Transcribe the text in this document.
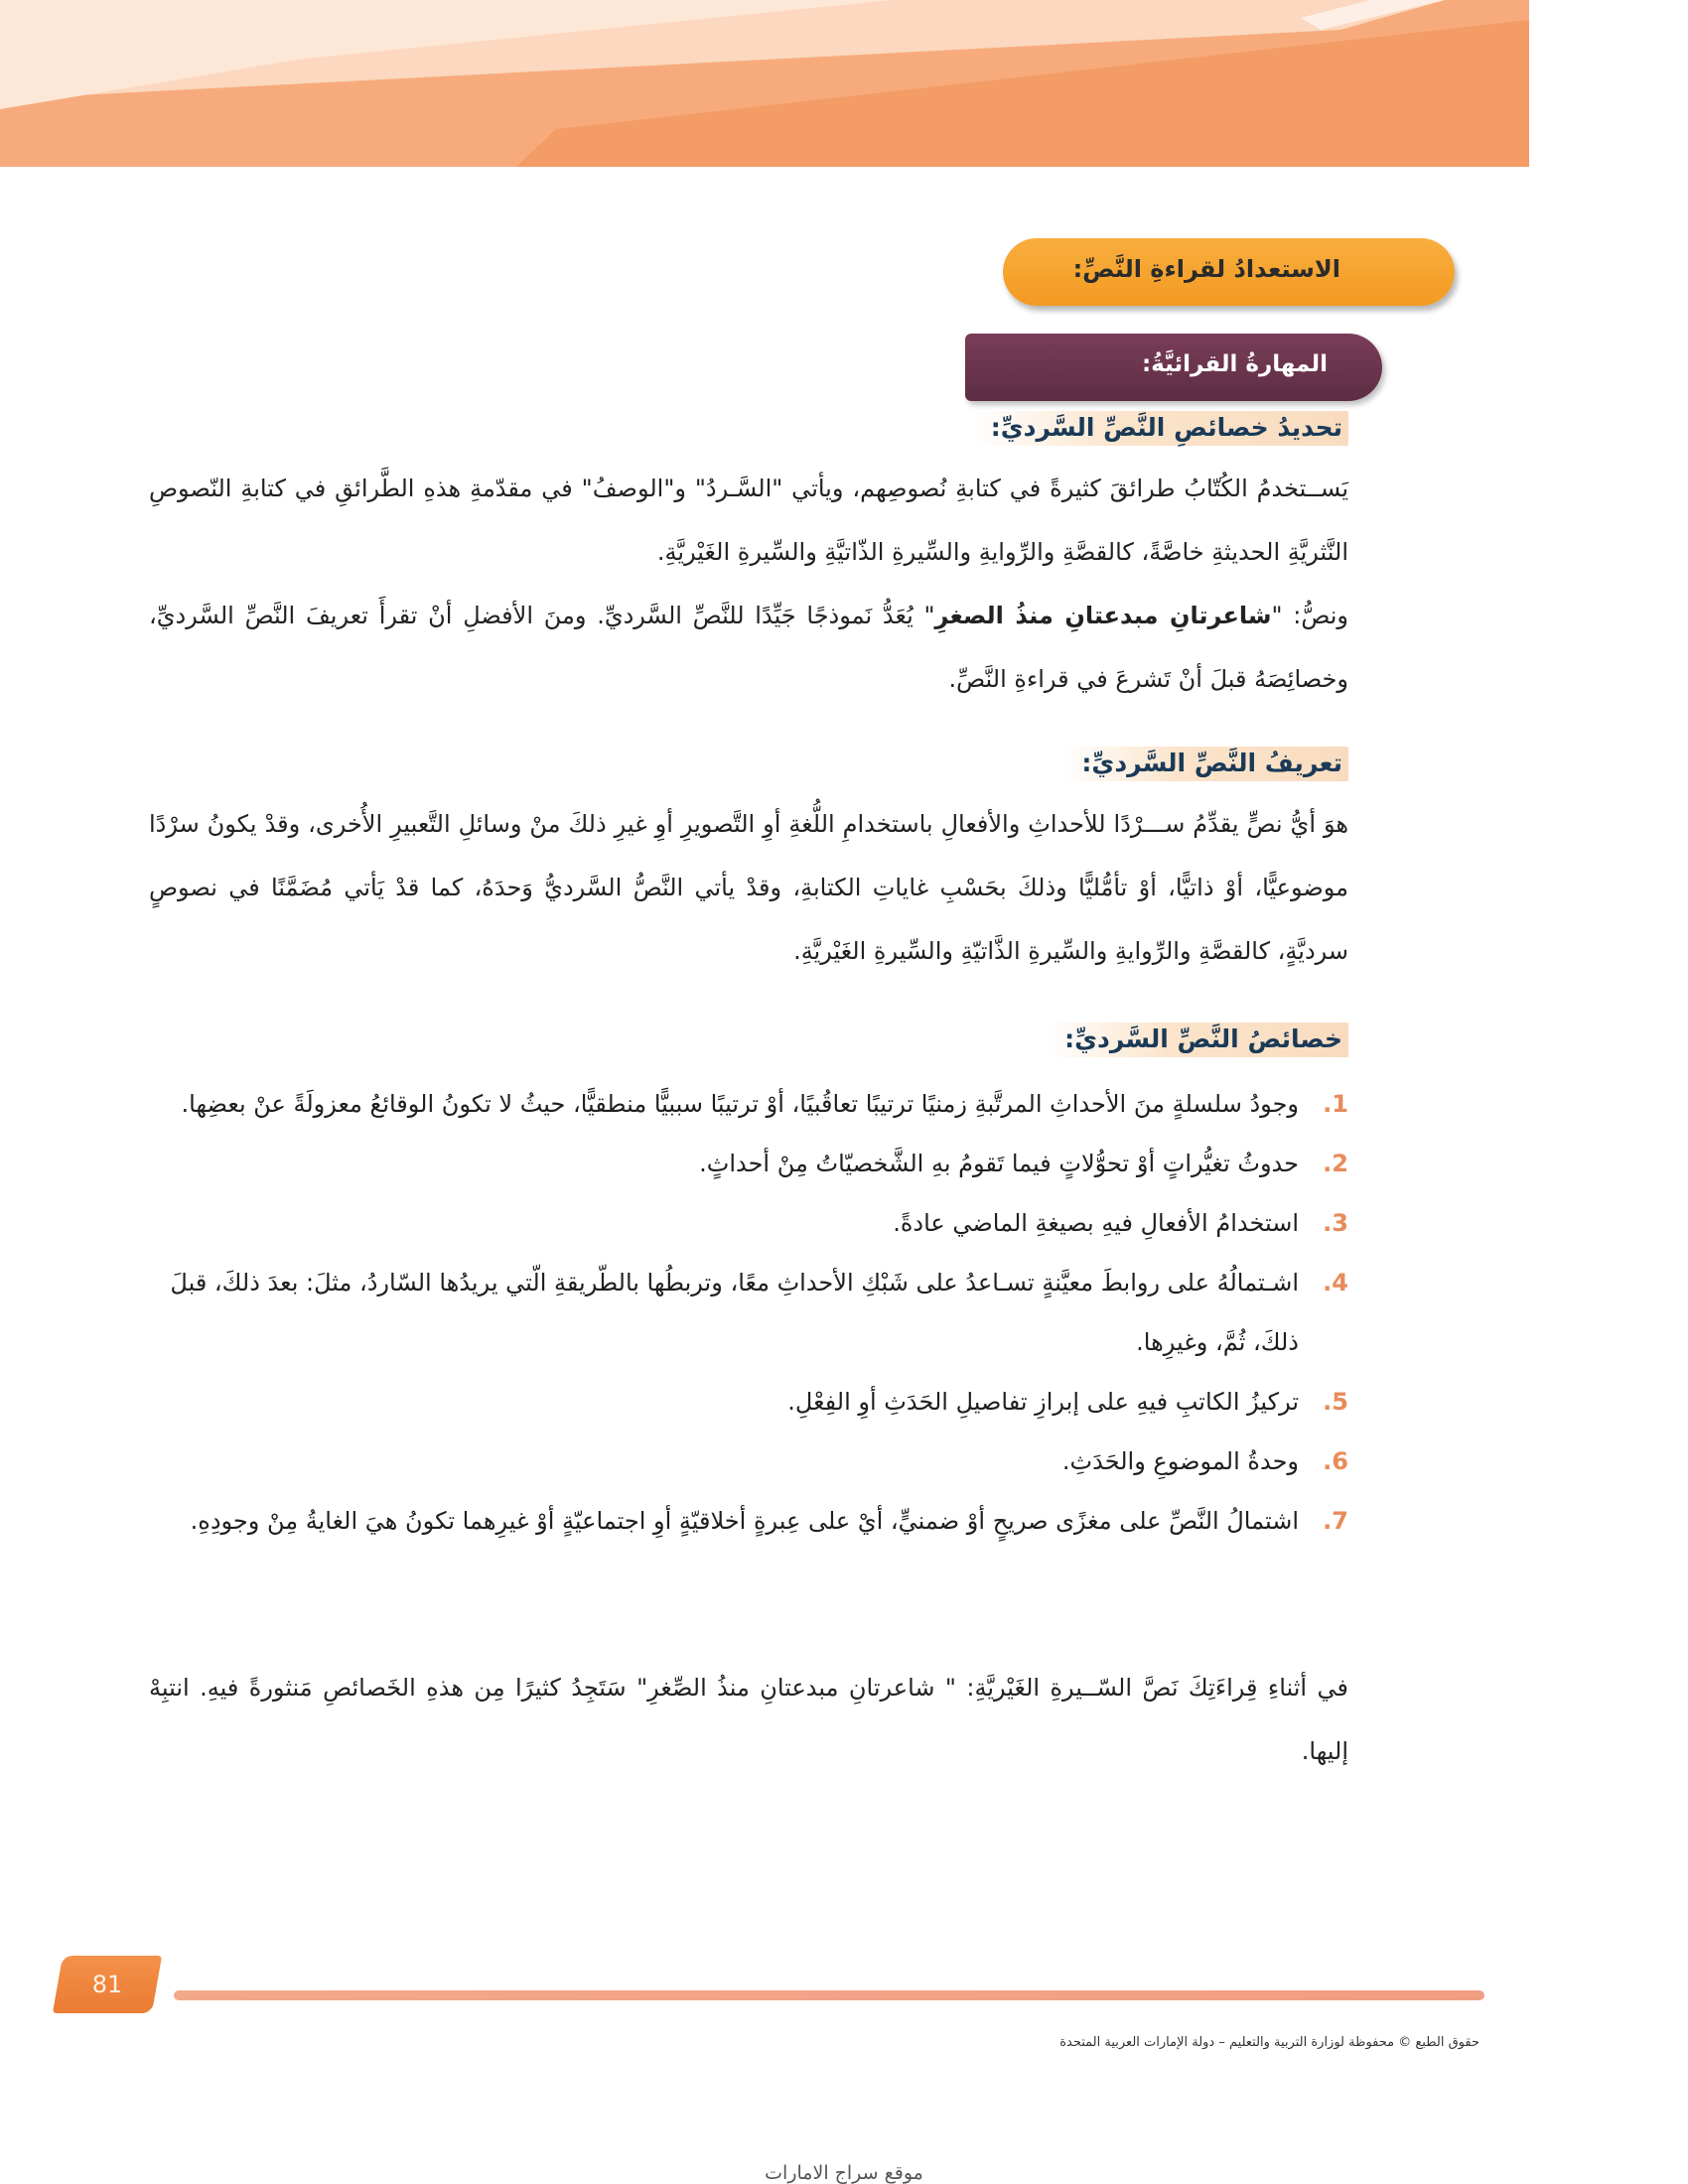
الاستعدادُ لقراءةِ النَّصِّ:
المهارةُ القرائيَّةُ:
تحديدُ خصائصِ النَّصِّ السَّرديِّ:
يَســتخدمُ الكُتّابُ طرائقَ كثيرةً في كتابةِ نُصوصِهم، ويأتي "السَّـردُ" و"الوصفُ" في مقدّمةِ هذهِ الطَّرائقِ في كتابةِ النّصوصِ النَّثريَّةِ الحديثةِ خاصَّةً، كالقصَّةِ والرِّوايةِ والسِّيرةِ الذّاتيَّةِ والسِّيرةِ الغَيْريَّةِ.
ونصُّ: "شاعرتانِ مبدعتانِ منذُ الصغرِ" يُعَدُّ نَموذجًا جَيِّدًا للنَّصِّ السَّرديِّ. ومنَ الأفضلِ أنْ تقرأَ تعريفَ النَّصِّ السَّرديِّ، وخصائِصَهُ قبلَ أنْ تَشرعَ في قراءةِ النَّصِّ.
تعريفُ النَّصِّ السَّرديِّ:
هوَ أيُّ نصٍّ يقدِّمُ ســـرْدًا للأحداثِ والأفعالِ باستخدامِ اللُّغةِ أوِ التَّصويرِ أوِ غيرِ ذلكَ منْ وسائلِ التَّعبيرِ الأُخرى، وقدْ يكونُ سرْدًا موضوعيًّا، أوْ ذاتيًّا، أوْ تأمُّليًّا وذلكَ بحَسْبِ غاياتِ الكتابةِ، وقدْ يأتي النَّصُّ السَّرديُّ وَحدَهُ، كما قدْ يَأتي مُضَمَّنًا في نصوصٍ سرديَّةٍ، كالقصَّةِ والرِّوايةِ والسِّيرةِ الذَّاتيّةِ والسِّيرةِ الغَيْريَّةِ.
خصائصُ النَّصِّ السَّرديِّ:
1.
وجودُ سلسلةٍ منَ الأحداثِ المرتَّبةِ زمنيًا ترتيبًا تعاقُبيًا، أوْ ترتيبًا سببيًّا منطقيًّا، حيثُ لا تكونُ الوقائعُ معزولَةً عنْ بعضِها.
2.
حدوثُ تغيُّراتٍ أوْ تحوُّلاتٍ فيما تَقومُ بهِ الشَّخصيّاتُ مِنْ أحداثٍ.
3.
استخدامُ الأفعالِ فيهِ بصيغةِ الماضي عادةً.
4.
اشـتمالُهُ على روابطَ معيَّنةٍ تسـاعدُ على شَبْكِ الأحداثِ معًا، وتربطُها بالطّريقةِ الّتي يريدُها السّاردُ، مثلَ: بعدَ ذلكَ، قبلَ ذلكَ، ثُمَّ، وغيرِها.
5.
تركيزُ الكاتبِ فيهِ على إبرازِ تفاصيلِ الحَدَثِ أوِ الفِعْلِ.
6.
وحدةُ الموضوعِ والحَدَثِ.
7.
اشتمالُ النَّصِّ على مغزًى صريحٍ أوْ ضمنيٍّ، أيْ على عِبرةٍ أخلاقيّةٍ أوِ اجتماعيّةٍ أوْ غيرِهما تكونُ هيَ الغايةُ مِنْ وجودِهِ.
في أثناءِ قِراءَتِكَ نَصَّ السّــيرةِ الغَيْريَّةِ: " شاعرتانِ مبدعتانِ منذُ الصِّغرِ" سَتَجِدُ كثيرًا مِن هذهِ الخَصائصِ مَنثورةً فيهِ. انتبِهْ إليها.
81
حقوق الطبع © محفوظة لوزارة التربية والتعليم – دولة الإمارات العربية المتحدة
موقع سراج الامارات
